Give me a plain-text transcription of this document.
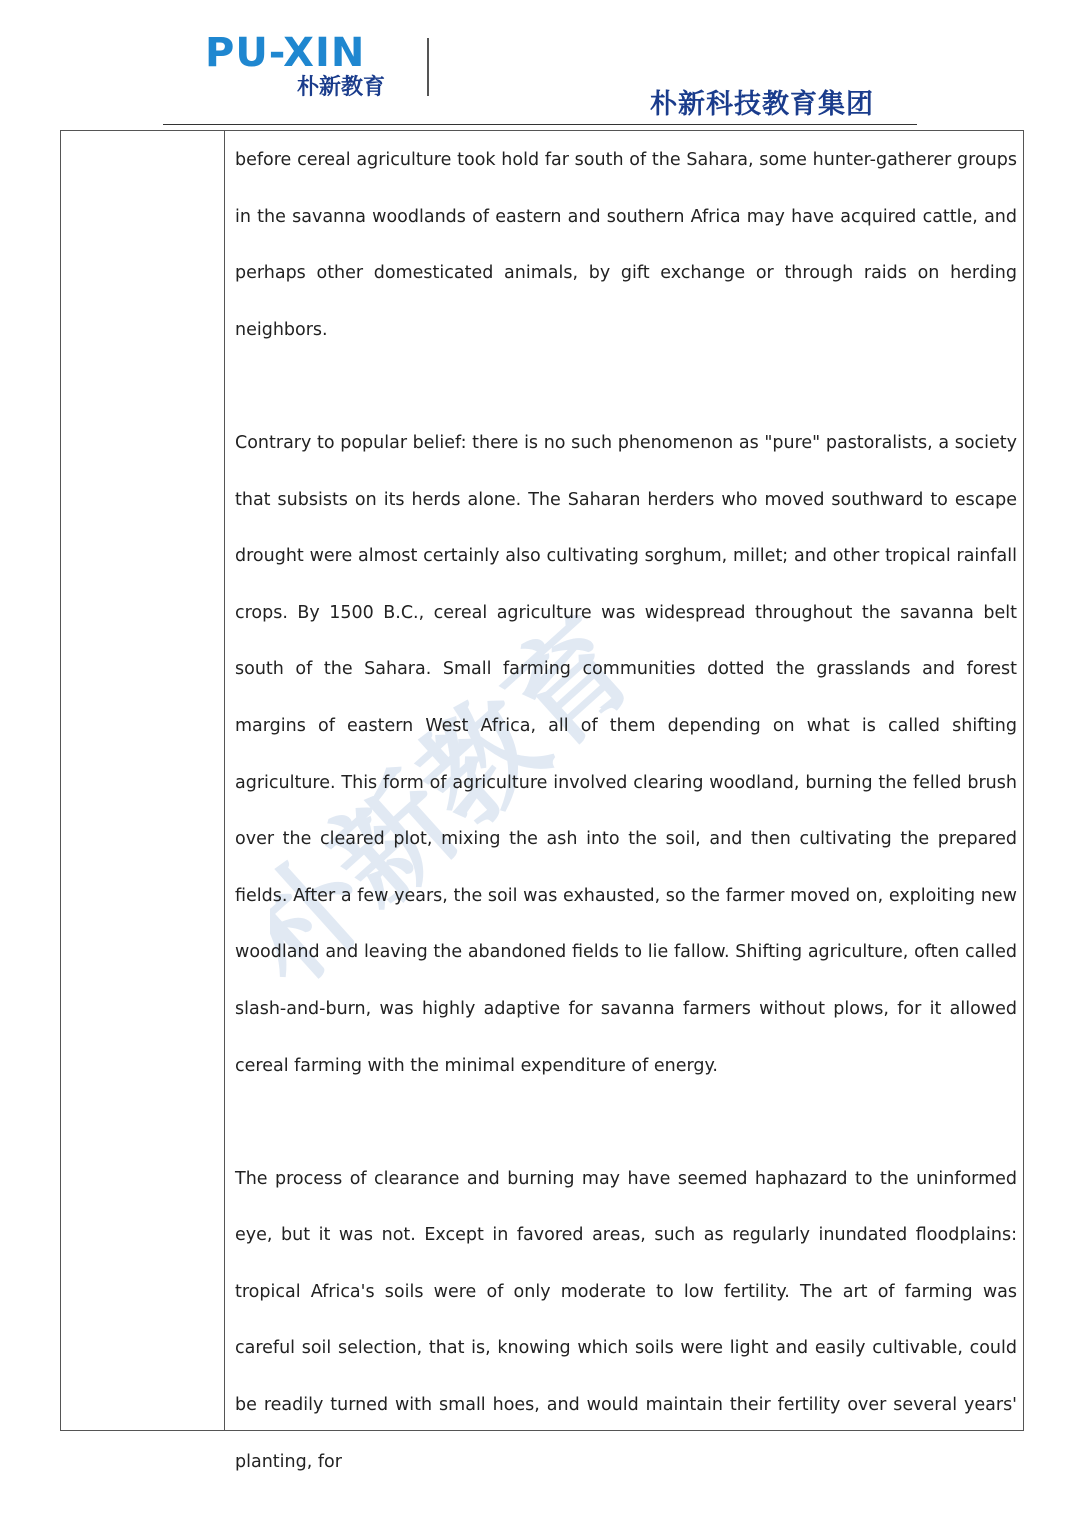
PU-XIN
朴新教育
朴新科技教育集团
朴新教育

before cereal agriculture took hold far south of the Sahara, some hunter-gatherer groups in the savanna woodlands of eastern and southern Africa may have acquired cattle, and perhaps other domesticated animals, by gift exchange or through raids on herding neighbors.

Contrary to popular belief: there is no such phenomenon as "pure" pastoralists, a society that subsists on its herds alone. The Saharan herders who moved southward to escape drought were almost certainly also cultivating sorghum, millet; and other tropical rainfall crops. By 1500 B.C., cereal agriculture was widespread throughout the savanna belt south of the Sahara. Small farming communities dotted the grasslands and forest margins of eastern West Africa, all of them depending on what is called shifting agriculture. This form of agriculture involved clearing woodland, burning the felled brush over the cleared plot, mixing the ash into the soil, and then cultivating the prepared fields. After a few years, the soil was exhausted, so the farmer moved on, exploiting new woodland and leaving the abandoned fields to lie fallow. Shifting agriculture, often called slash-and-burn, was highly adaptive for savanna farmers without plows, for it allowed cereal farming with the minimal expenditure of energy.

The process of clearance and burning may have seemed haphazard to the uninformed eye, but it was not. Except in favored areas, such as regularly inundated floodplains: tropical Africa's soils were of only moderate to low fertility. The art of farming was careful soil selection, that is, knowing which soils were light and easily cultivable, could be readily turned with small hoes, and would maintain their fertility over several years' planting, for
